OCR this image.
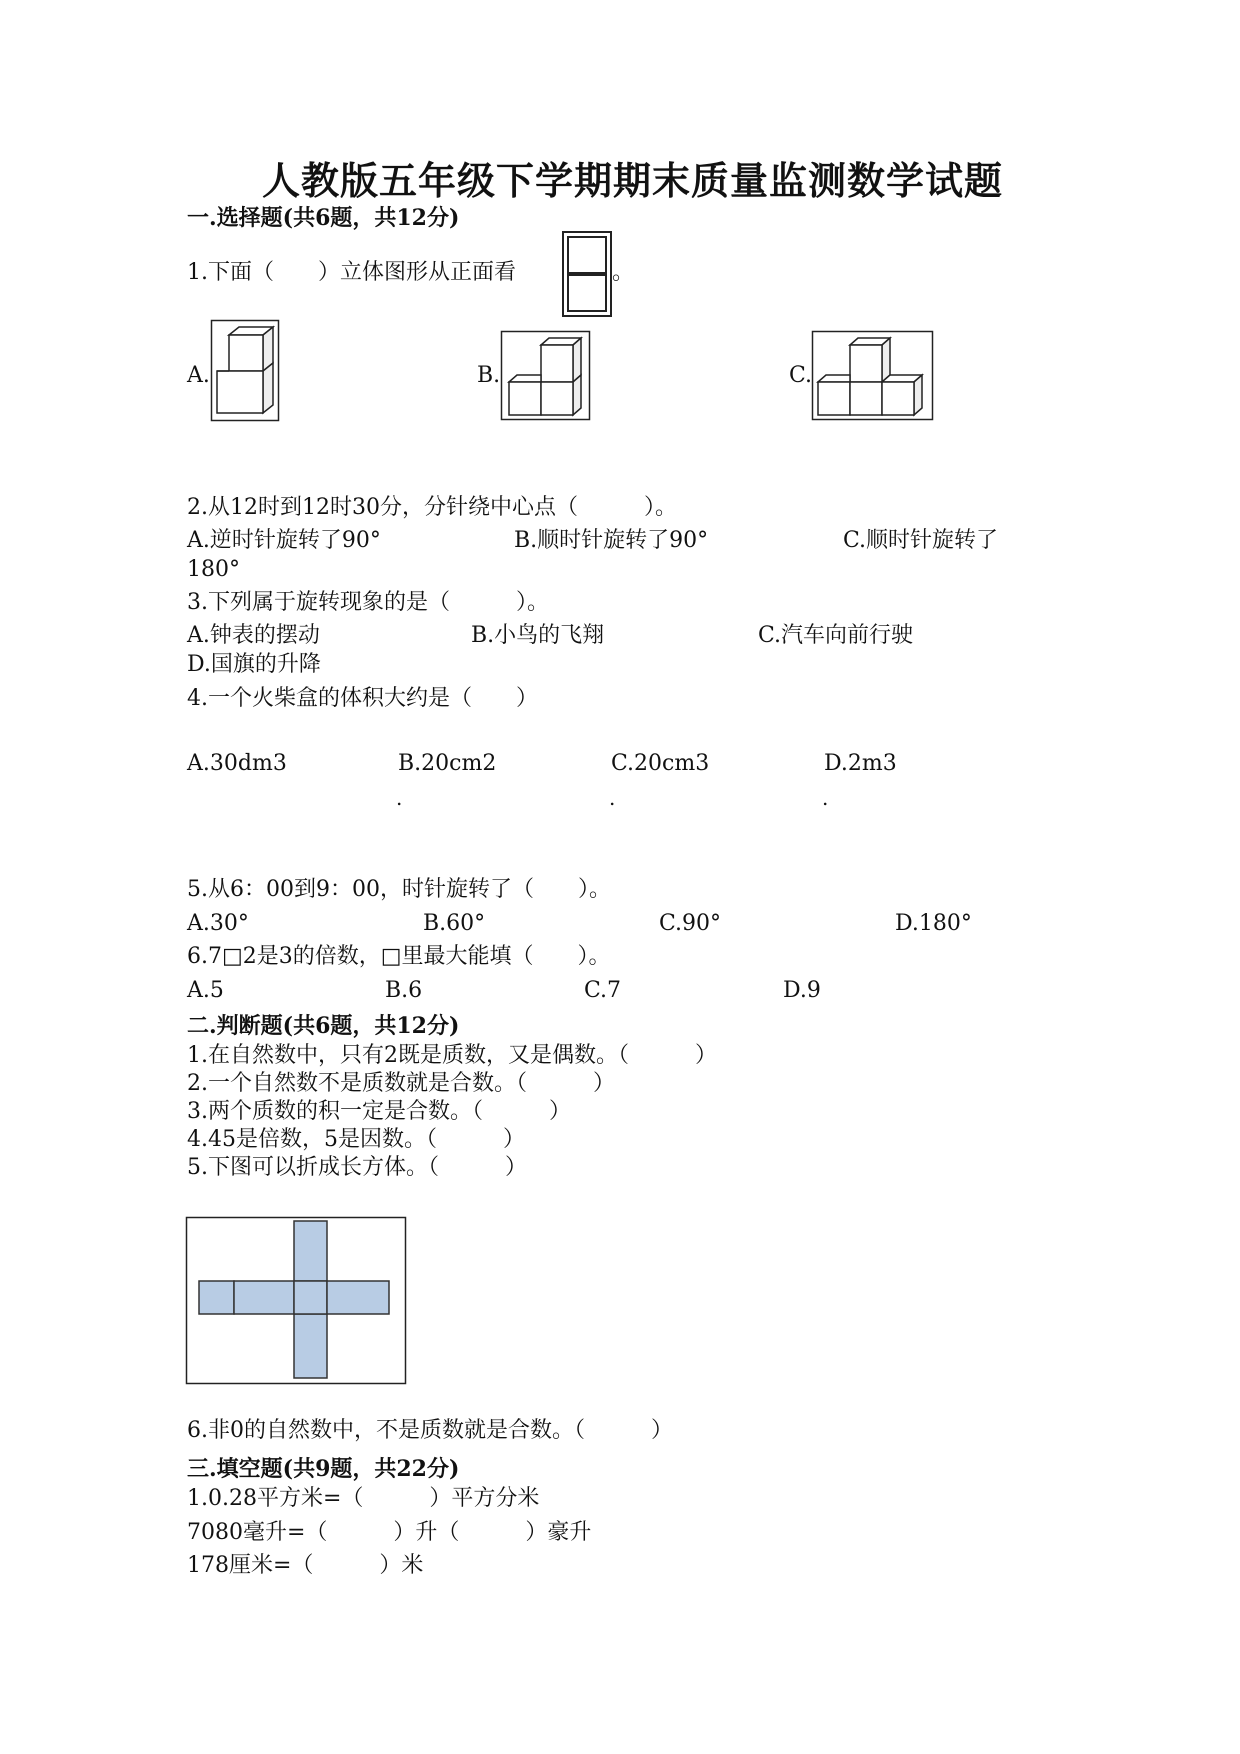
人教版五年级下学期期末质量监测数学试题
一.选择题(共6题，共12分)
1.下面（　　）立体图形从正面看	。
A.	B.	C.
2.从12时到12时30分，分针绕中心点（　　　）。
A.逆时针旋转了90°	B.顺时针旋转了90°	C.顺时针旋转了
180°
3.下列属于旋转现象的是（　　　）。
A.钟表的摆动	B.小鸟的飞翔	C.汽车向前行驶
D.国旗的升降
4.一个火柴盒的体积大约是（　　）
A.30dm3	B.20cm2	C.20cm3	D.2m3
.	.	.
5.从6：00到9：00，时针旋转了（　　）。
A.30°	B.60°	C.90°	D.180°
6.7□2是3的倍数，□里最大能填（　　）。
A.5	B.6	C.7	D.9
二.判断题(共6题，共12分)
1.在自然数中，只有2既是质数，又是偶数。（　　　）
2.一个自然数不是质数就是合数。（　　　）
3.两个质数的积一定是合数。（　　　）
4.45是倍数，5是因数。（　　　）
5.下图可以折成长方体。（　　　）
6.非0的自然数中，不是质数就是合数。（　　　）
三.填空题(共9题，共22分)
1.0.28平方米=（　　　）平方分米
7080毫升=（　　　）升（　　　）豪升
178厘米=（　　　）米
